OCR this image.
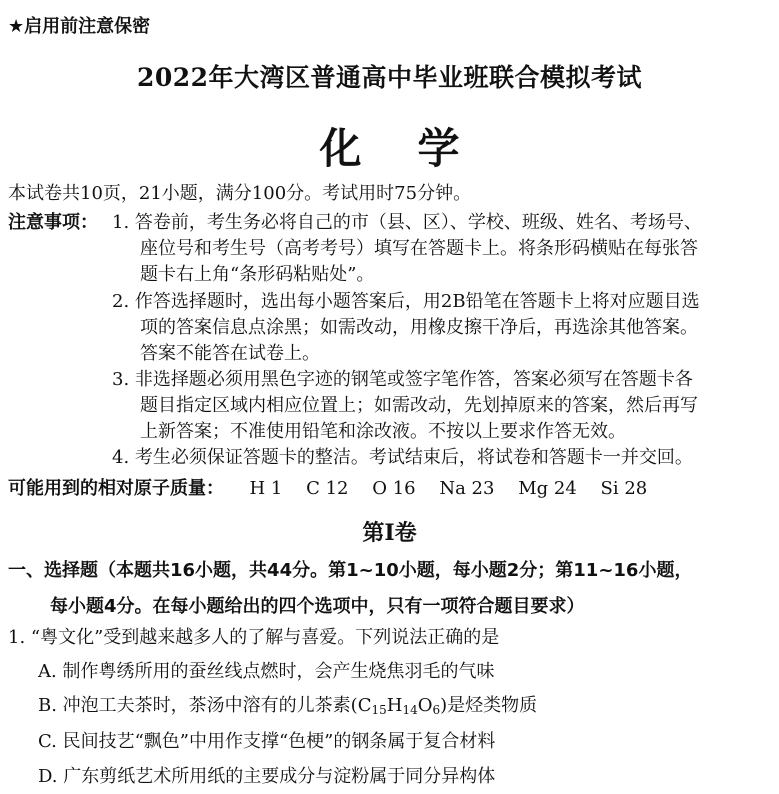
★启用前注意保密
2022年大湾区普通高中毕业班联合模拟考试
化 学
本试卷共10页，21小题，满分100分。考试用时75分钟。
注意事项： 1. 答卷前，考生务必将自己的市（县、区）、学校、班级、姓名、考场号、
座位号和考生号（高考考号）填写在答题卡上。将条形码横贴在每张答
题卡右上角“条形码粘贴处”。
2. 作答选择题时，选出每小题答案后，用2B铅笔在答题卡上将对应题目选
项的答案信息点涂黑；如需改动，用橡皮擦干净后，再选涂其他答案。
答案不能答在试卷上。
3. 非选择题必须用黑色字迹的钢笔或签字笔作答，答案必须写在答题卡各
题目指定区域内相应位置上；如需改动，先划掉原来的答案，然后再写
上新答案；不准使用铅笔和涂改液。不按以上要求作答无效。
4. 考生必须保证答题卡的整洁。考试结束后，将试卷和答题卡一并交回。
可能用到的相对原子质量： H 1 C 12 O 16 Na 23 Mg 24 Si 28
第Ⅰ卷
一、选择题（本题共16小题，共44分。第1~10小题，每小题2分；第11~16小题，
每小题4分。在每小题给出的四个选项中，只有一项符合题目要求）
1. “粤文化”受到越来越多人的了解与喜爱。下列说法正确的是
A. 制作粤绣所用的蚕丝线点燃时，会产生烧焦羽毛的气味
B. 冲泡工夫茶时，茶汤中溶有的儿茶素$(C_{15}H_{14}O_6)$是烃类物质
C. 民间技艺“飘色”中用作支撑“色梗”的钢条属于复合材料
D. 广东剪纸艺术所用纸的主要成分与淀粉属于同分异构体
